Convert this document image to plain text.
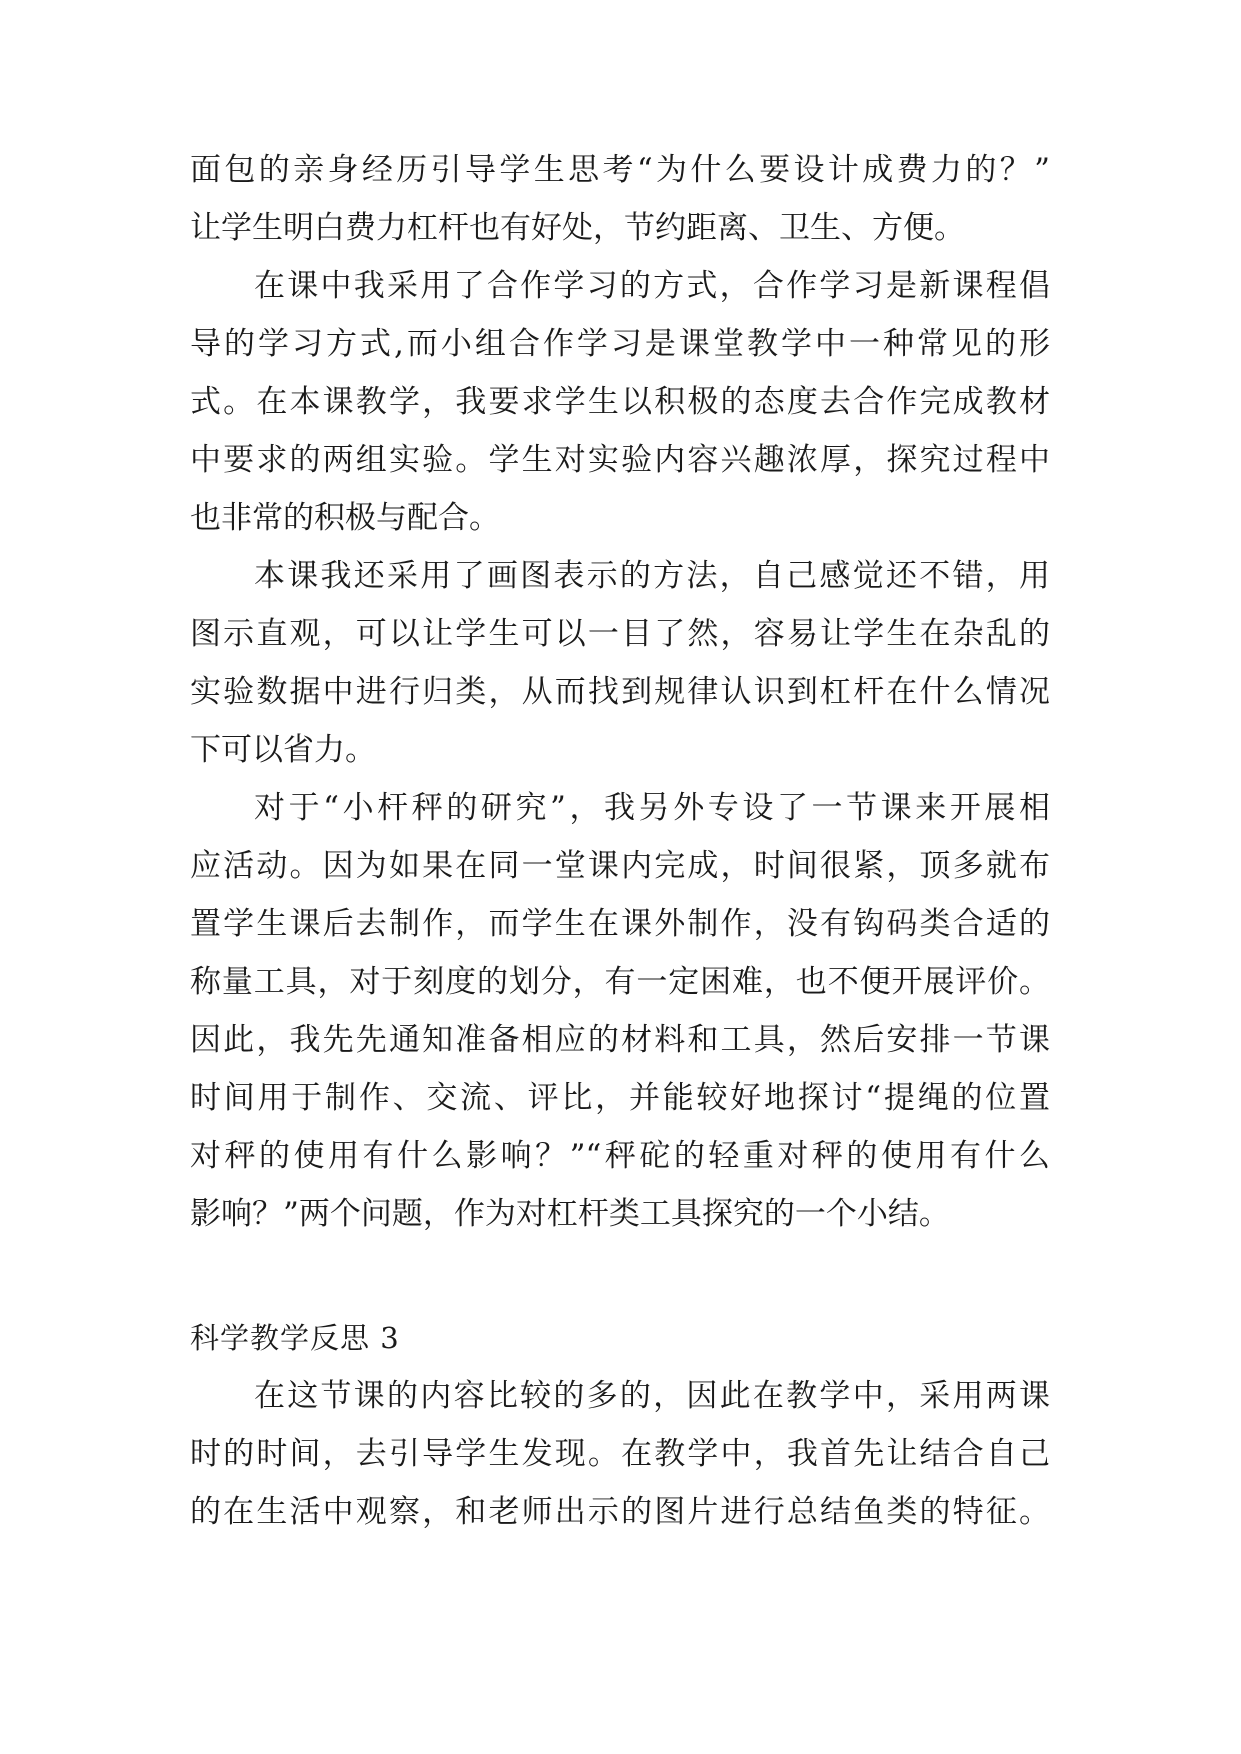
面包的亲身经历引导学生思考“为什么要设计成费力的？”
让学生明白费力杠杆也有好处，节约距离、卫生、方便。
在课中我采用了合作学习的方式，合作学习是新课程倡
导的学习方式,而小组合作学习是课堂教学中一种常见的形
式。在本课教学，我要求学生以积极的态度去合作完成教材
中要求的两组实验。学生对实验内容兴趣浓厚，探究过程中
也非常的积极与配合。
本课我还采用了画图表示的方法，自己感觉还不错，用
图示直观，可以让学生可以一目了然，容易让学生在杂乱的
实验数据中进行归类，从而找到规律认识到杠杆在什么情况
下可以省力。
对于“小杆秤的研究”，我另外专设了一节课来开展相
应活动。因为如果在同一堂课内完成，时间很紧，顶多就布
置学生课后去制作，而学生在课外制作，没有钩码类合适的
称量工具，对于刻度的划分，有一定困难，也不便开展评价。
因此，我先先通知准备相应的材料和工具，然后安排一节课
时间用于制作、交流、评比，并能较好地探讨“提绳的位置
对秤的使用有什么影响？”“秤砣的轻重对秤的使用有什么
影响？”两个问题，作为对杠杆类工具探究的一个小结。
科学教学反思 3
在这节课的内容比较的多的，因此在教学中，采用两课
时的时间，去引导学生发现。在教学中，我首先让结合自己
的在生活中观察，和老师出示的图片进行总结鱼类的特征。
